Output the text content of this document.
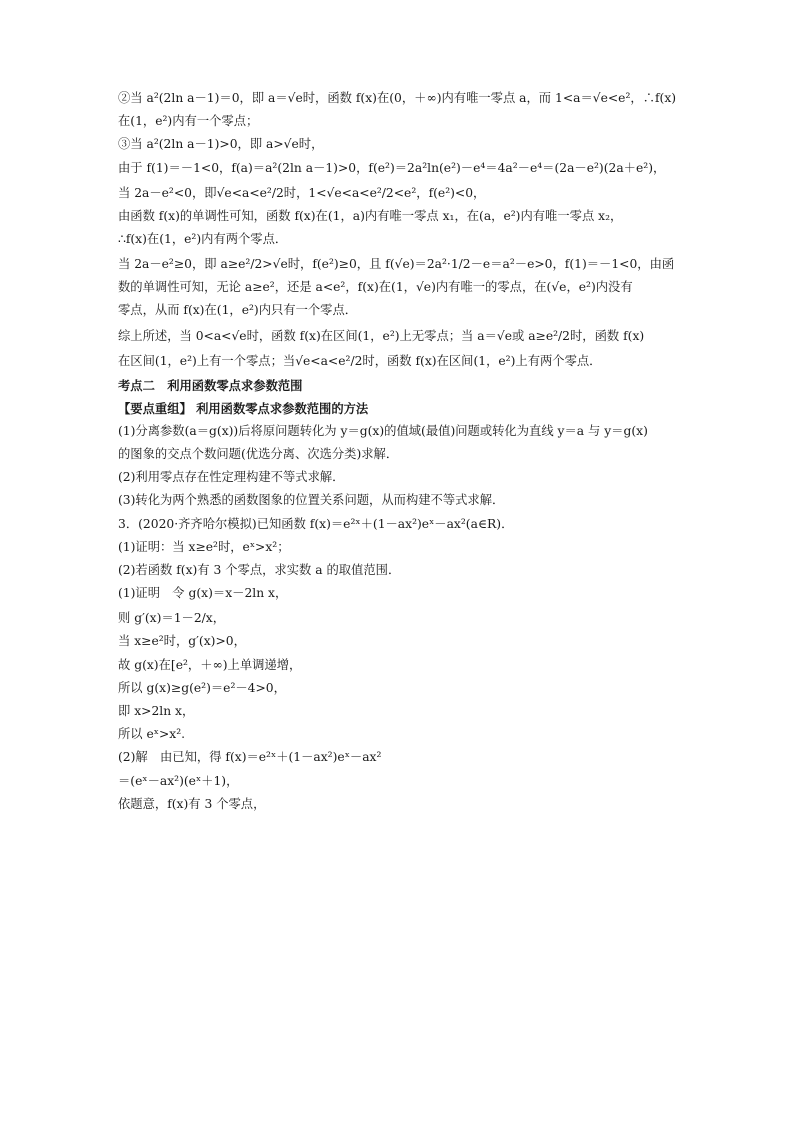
②当 a²(2ln a－1)＝0，即 a＝√e时，函数 f(x)在(0，＋∞)内有唯一零点 a，而 1<a＝√e<e²，∴f(x)
在(1，e²)内有一个零点；
③当 a²(2ln a－1)>0，即 a>√e时，
由于 f(1)＝－1<0，f(a)＝a²(2ln a－1)>0，f(e²)＝2a²ln(e²)－e⁴＝4a²－e⁴＝(2a－e²)(2a＋e²)，
当 2a－e²<0，即√e<a<e²/2时，1<√e<a<e²/2<e²，f(e²)<0，
由函数 f(x)的单调性可知，函数 f(x)在(1，a)内有唯一零点 x₁，在(a，e²)内有唯一零点 x₂，
∴f(x)在(1，e²)内有两个零点．
当 2a－e²≥0，即 a≥e²/2>√e时，f(e²)≥0，且 f(√e)＝2a²·1/2－e＝a²－e>0，f(1)＝－1<0，由函
数的单调性可知，无论 a≥e²，还是 a<e²，f(x)在(1，√e)内有唯一的零点，在(√e，e²)内没有
零点，从而 f(x)在(1，e²)内只有一个零点．
综上所述，当 0<a<√e时，函数 f(x)在区间(1，e²)上无零点；当 a＝√e或 a≥e²/2时，函数 f(x)
在区间(1，e²)上有一个零点；当√e<a<e²/2时，函数 f(x)在区间(1，e²)上有两个零点．
考点二　利用函数零点求参数范围
【要点重组】 利用函数零点求参数范围的方法
(1)分离参数(a＝g(x))后将原问题转化为 y＝g(x)的值域(最值)问题或转化为直线 y＝a 与 y＝g(x)
的图象的交点个数问题(优选分离、次选分类)求解．
(2)利用零点存在性定理构建不等式求解．
(3)转化为两个熟悉的函数图象的位置关系问题，从而构建不等式求解．
3．(2020·齐齐哈尔模拟)已知函数 f(x)＝e²ˣ＋(1－ax²)eˣ－ax²(a∈R)．
(1)证明：当 x≥e²时，eˣ>x²；
(2)若函数 f(x)有 3 个零点，求实数 a 的取值范围．
(1)证明　令 g(x)＝x－2ln x，
则 g′(x)＝1－2/x，
当 x≥e²时，g′(x)>0，
故 g(x)在[e²，＋∞)上单调递增，
所以 g(x)≥g(e²)＝e²－4>0，
即 x>2ln x，
所以 eˣ>x².
(2)解　由已知，得 f(x)＝e²ˣ＋(1－ax²)eˣ－ax²
＝(eˣ－ax²)(eˣ＋1)，
依题意，f(x)有 3 个零点，
